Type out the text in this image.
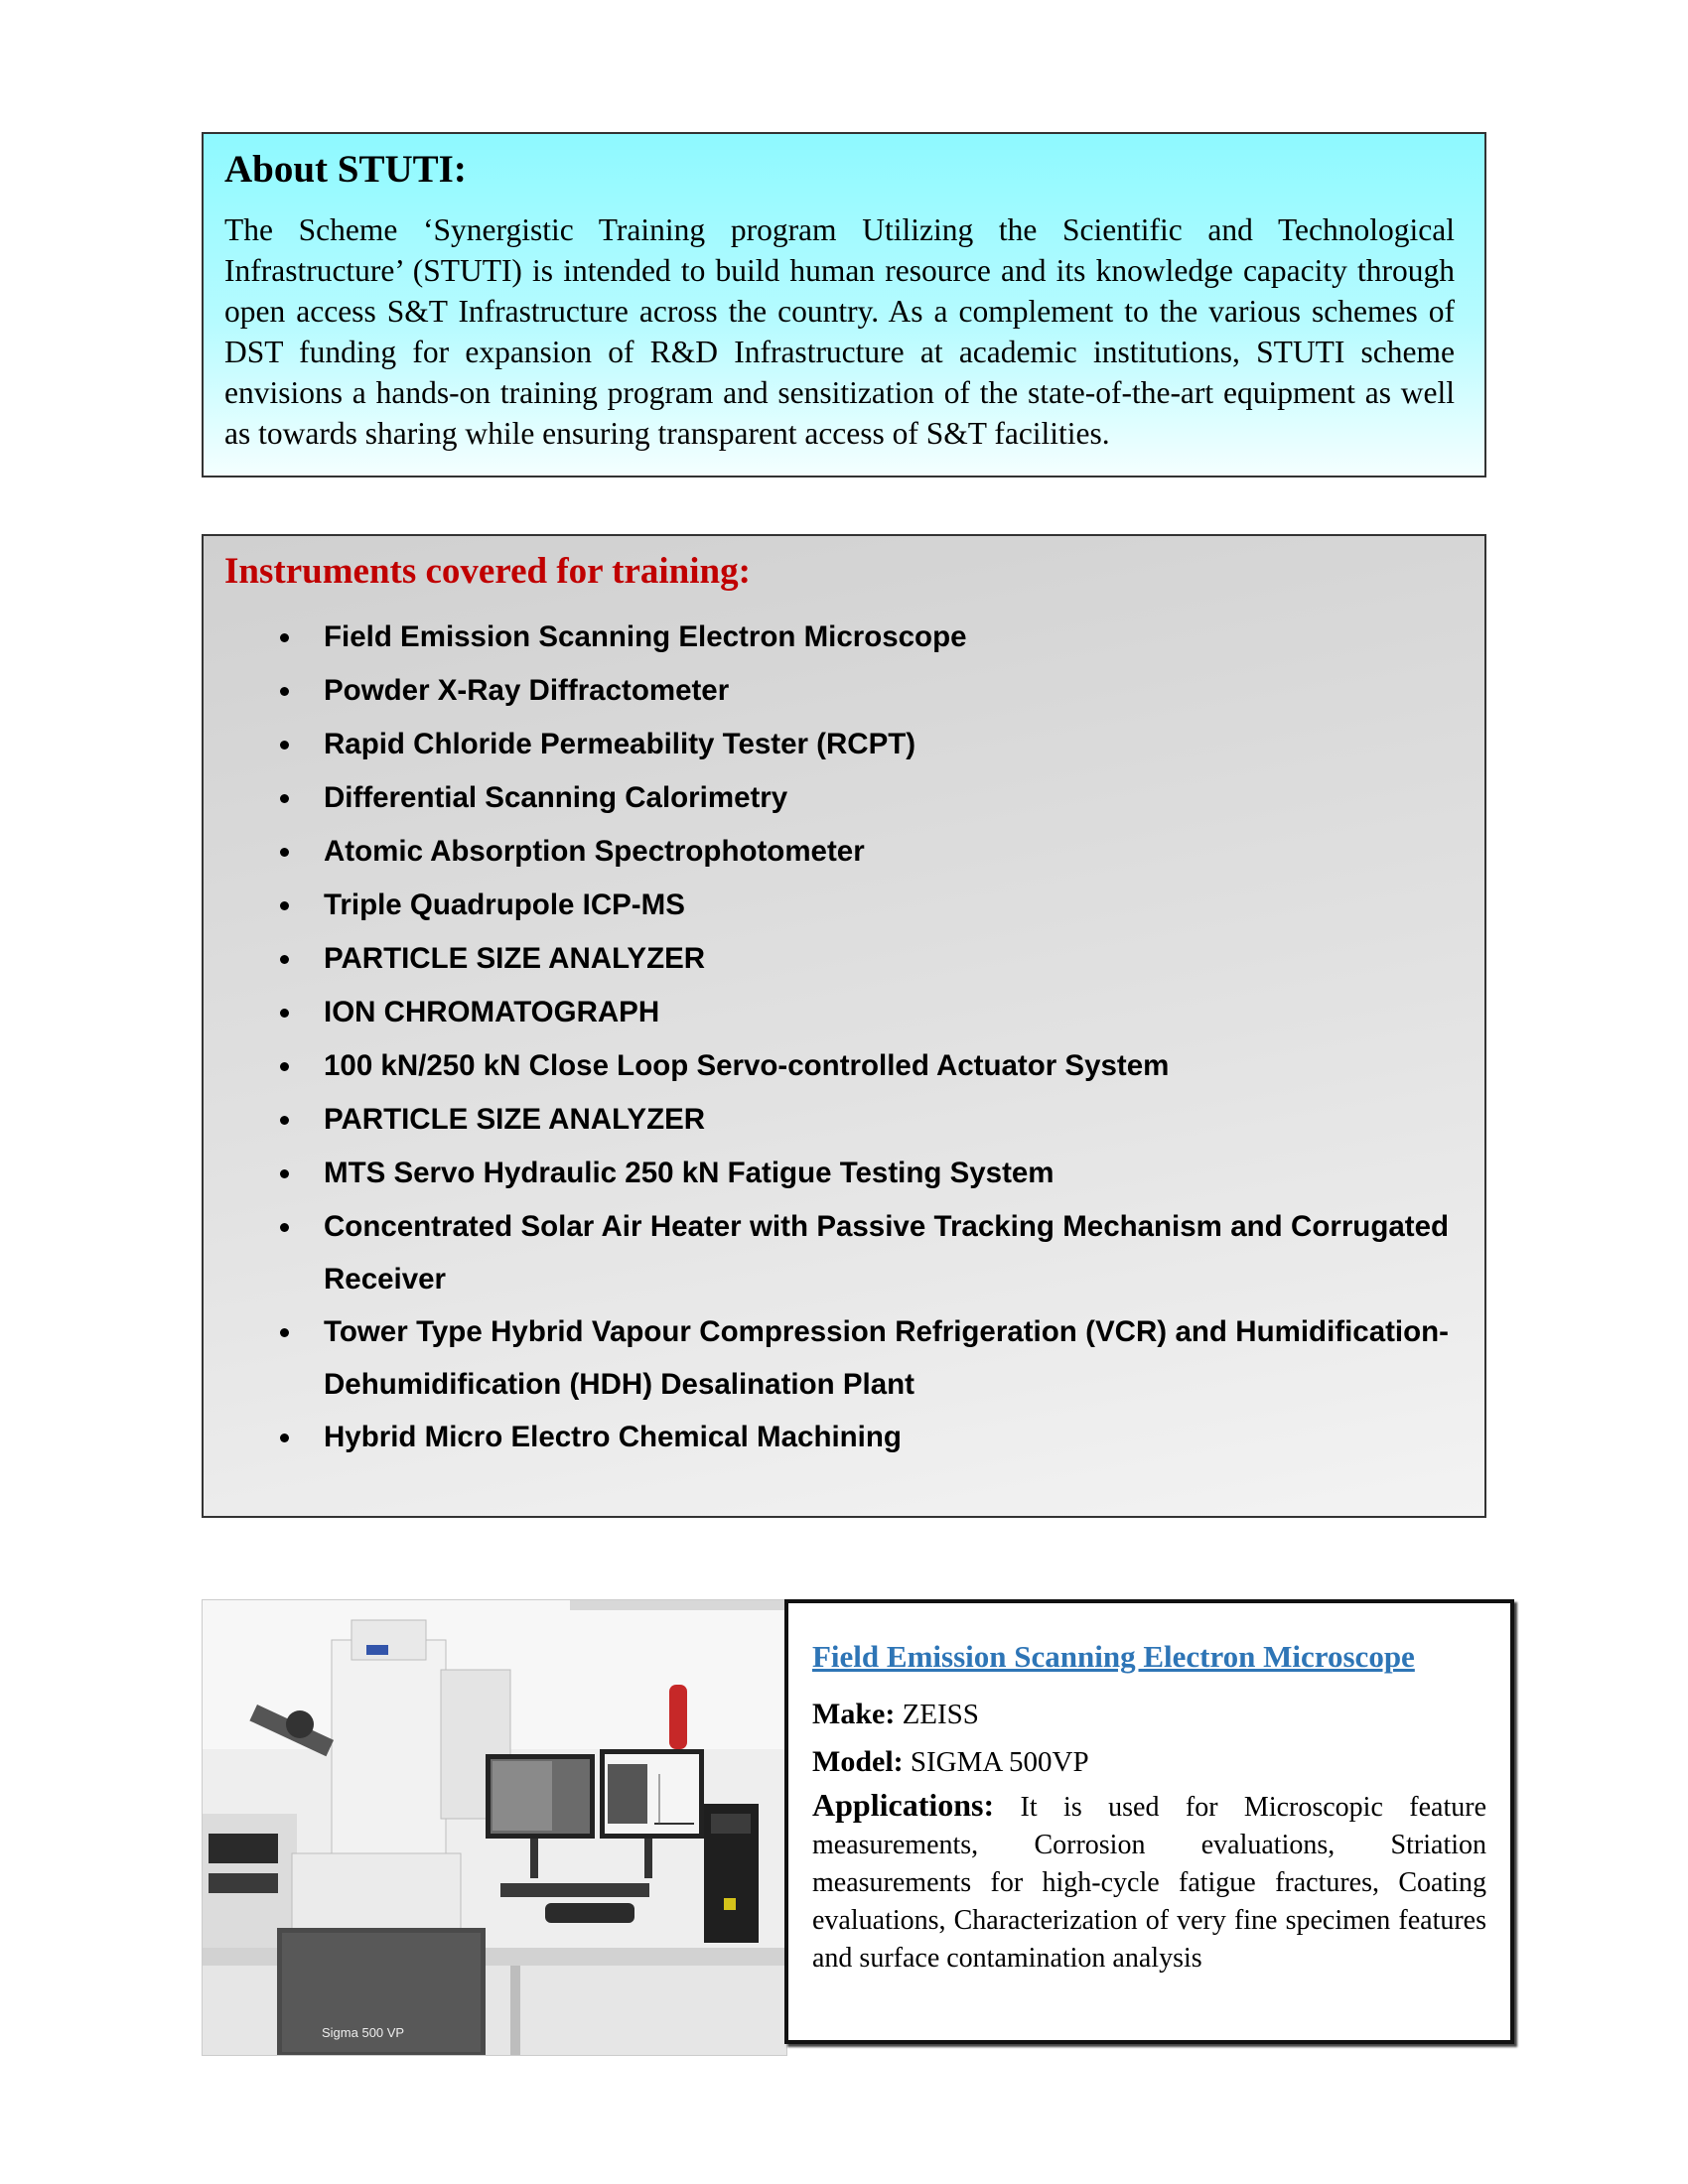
About STUTI:

The Scheme ‘Synergistic Training program Utilizing the Scientific and Technological Infrastructure’ (STUTI) is intended to build human resource and its knowledge capacity through open access S&T Infrastructure across the country. As a complement to the various schemes of DST funding for expansion of R&D Infrastructure at academic institutions, STUTI scheme envisions a hands-on training program and sensitization of the state-of-the-art equipment as well as towards sharing while ensuring transparent access of S&T facilities.

Instruments covered for training:
Field Emission Scanning Electron Microscope
Powder X-Ray Diffractometer
Rapid Chloride Permeability Tester (RCPT)
Differential Scanning Calorimetry
Atomic Absorption Spectrophotometer
Triple Quadrupole ICP-MS
PARTICLE SIZE ANALYZER
ION CHROMATOGRAPH
100 kN/250 kN Close Loop Servo-controlled Actuator System
PARTICLE SIZE ANALYZER
MTS Servo Hydraulic 250 kN Fatigue Testing System
Concentrated Solar Air Heater with Passive Tracking Mechanism and Corrugated Receiver
Tower Type Hybrid Vapour Compression Refrigeration (VCR) and Humidification-Dehumidification (HDH) Desalination Plant
Hybrid Micro Electro Chemical Machining
Sigma 500 VP
Field Emission Scanning Electron Microscope
Make: ZEISS
Model: SIGMA 500VP
Applications: It is used for Microscopic feature measurements, Corrosion evaluations, Striation measurements for high-cycle fatigue fractures, Coating evaluations, Characterization of very fine specimen features and surface contamination analysis
